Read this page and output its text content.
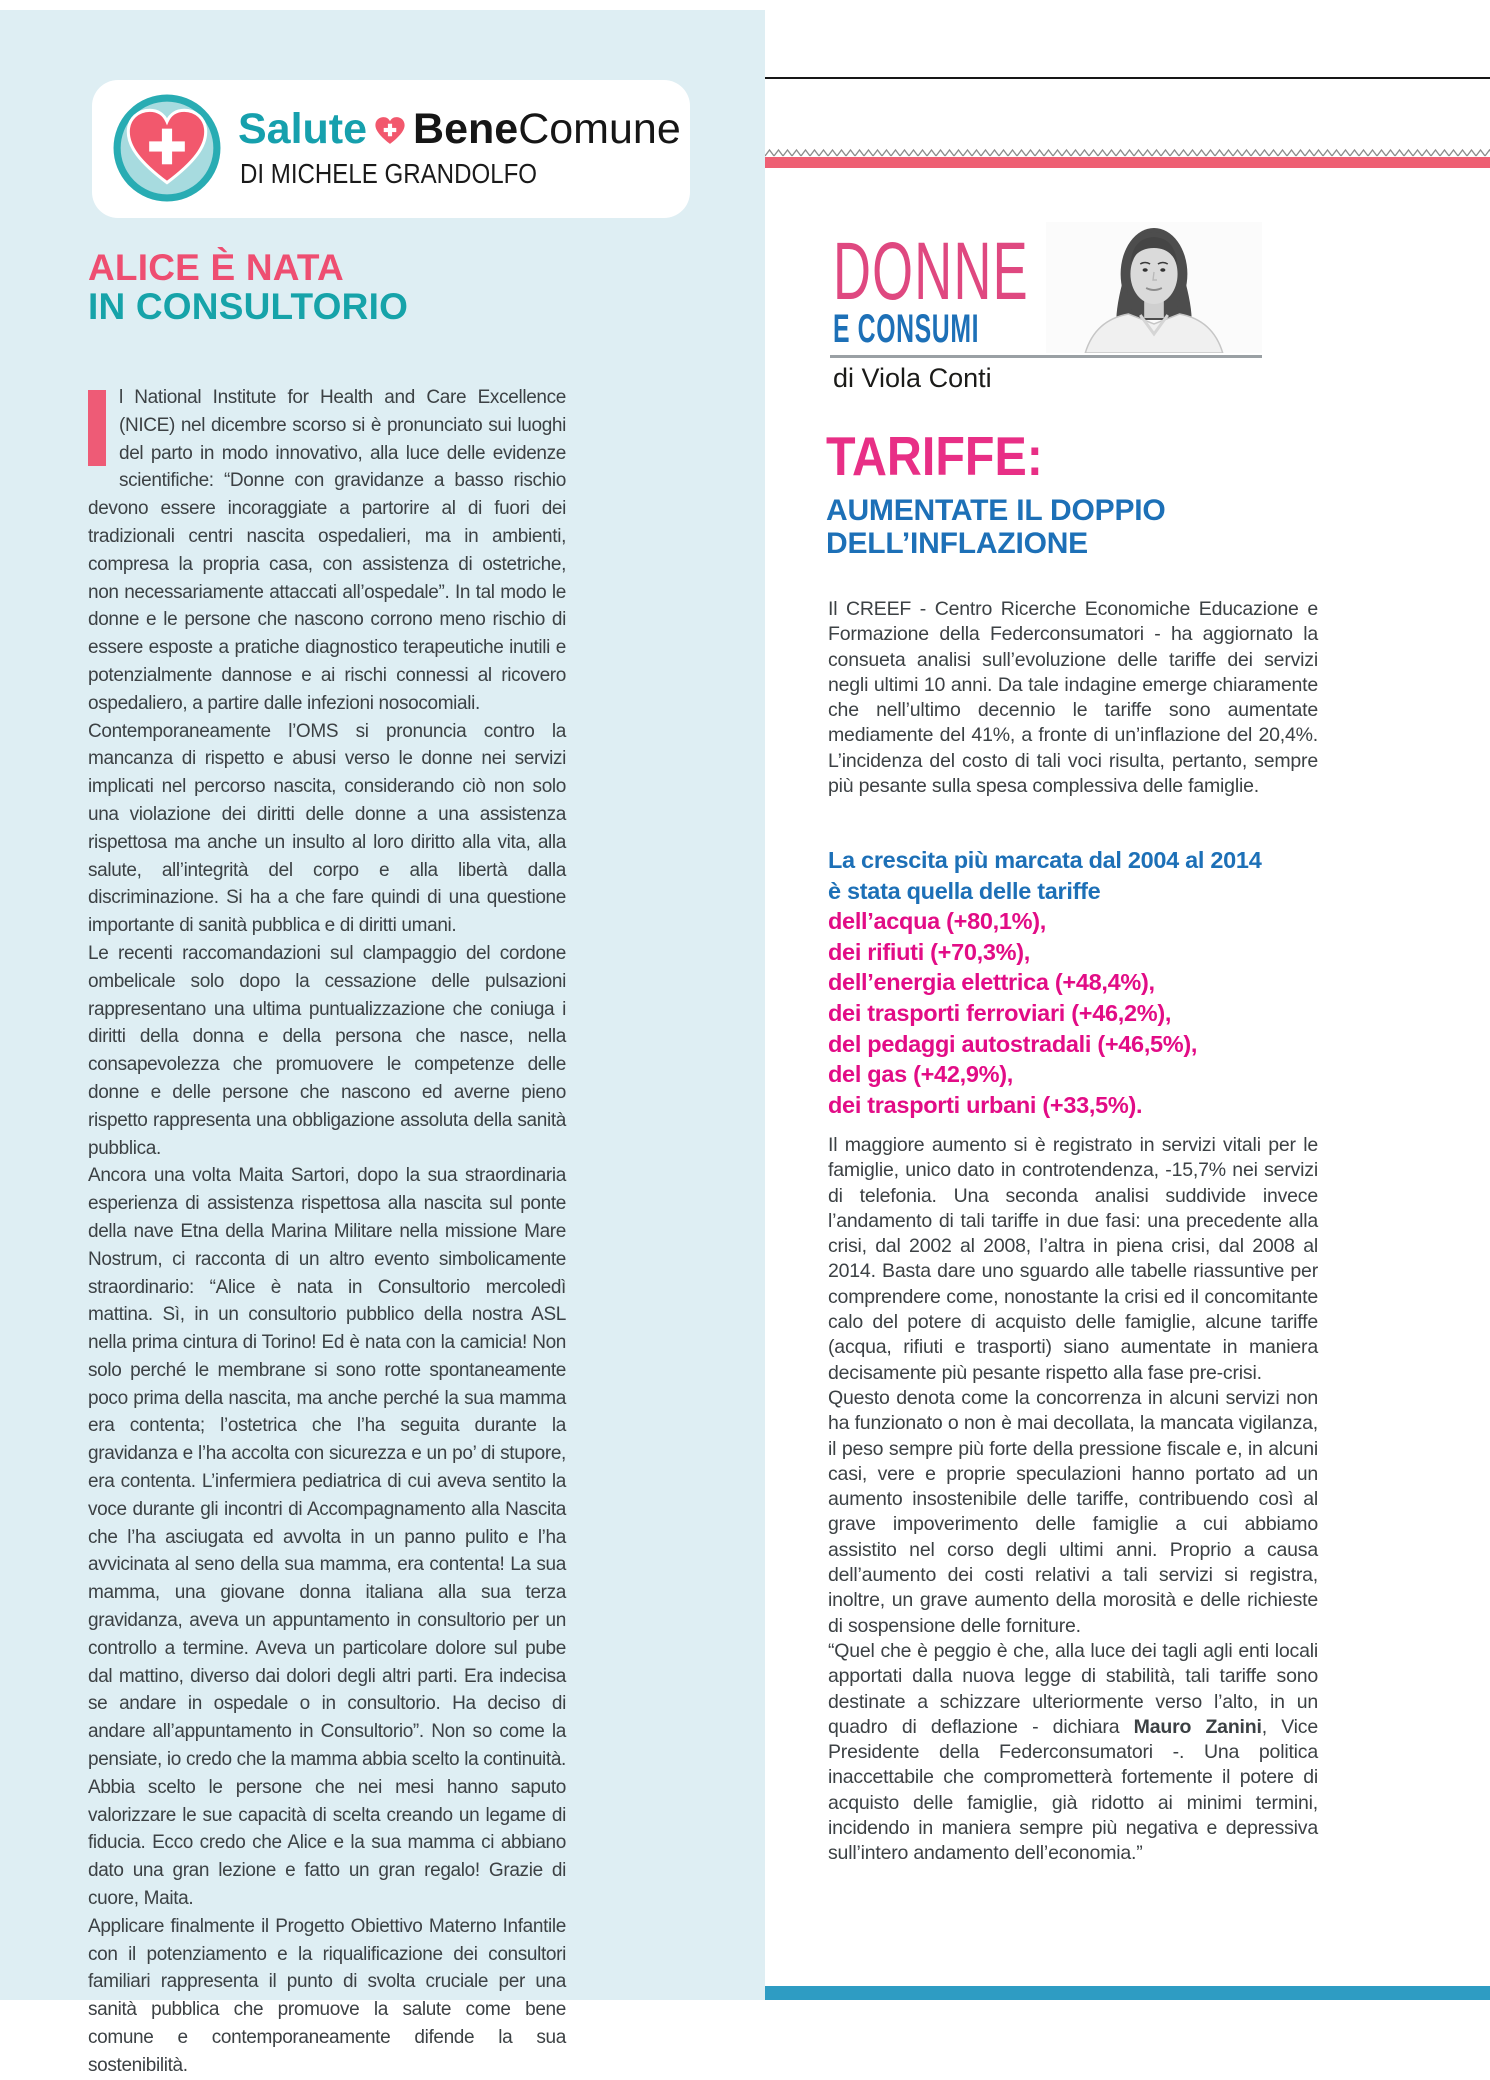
Salute BeneComune
DI MICHELE GRANDOLFO
ALICE È NATA
IN CONSULTORIO

l National Institute for Health and Care Excellence (NICE) nel dicembre scorso si è pronunciato sui luoghi del parto in modo innovativo, alla luce delle evidenze scientifiche: “Donne con gravidanze a basso rischio devono essere incoraggiate a partorire al di fuori dei tradizionali centri nascita ospedalieri, ma in ambienti, compresa la propria casa, con assistenza di ostetriche, non necessariamente attaccati all’ospedale”. In tal modo le donne e le persone che nascono corrono meno rischio di essere esposte a pratiche diagnostico terapeutiche inutili e potenzialmente dannose e ai rischi connessi al ricovero ospedaliero, a partire dalle infezioni nosocomiali.

Contemporaneamente l’OMS si pronuncia contro la mancanza di rispetto e abusi verso le donne nei servizi implicati nel percorso nascita, considerando ciò non solo una violazione dei diritti delle donne a una assistenza rispettosa ma anche un insulto al loro diritto alla vita, alla salute, all’integrità del corpo e alla libertà dalla discriminazione. Si ha a che fare quindi di una questione importante di sanità pubblica e di diritti umani.

Le recenti raccomandazioni sul clampaggio del cordone ombelicale solo dopo la cessazione delle pulsazioni rappresentano una ultima puntualizzazione che coniuga i diritti della donna e della persona che nasce, nella consapevolezza che promuovere le competenze delle donne e delle persone che nascono ed averne pieno rispetto rappresenta una obbligazione assoluta della sanità pubblica.

Ancora una volta Maita Sartori, dopo la sua straordinaria esperienza di assistenza rispettosa alla nascita sul ponte della nave Etna della Marina Militare nella missione Mare Nostrum, ci racconta di un altro evento simbolicamente straordinario: “Alice è nata in Consultorio mercoledì mattina. Sì, in un consultorio pubblico della nostra ASL nella prima cintura di Torino! Ed è nata con la camicia! Non solo perché le membrane si sono rotte spontaneamente poco prima della nascita, ma anche perché la sua mamma era contenta; l’ostetrica che l’ha seguita durante la gravidanza e l’ha accolta con sicurezza e un po’ di stupore, era contenta. L’infermiera pediatrica di cui aveva sentito la voce durante gli incontri di Accompagnamento alla Nascita che l’ha asciugata ed avvolta in un panno pulito e l’ha avvicinata al seno della sua mamma, era contenta! La sua mamma, una giovane donna italiana alla sua terza gravidanza, aveva un appuntamento in consultorio per un controllo a termine. Aveva un particolare dolore sul pube dal mattino, diverso dai dolori degli altri parti. Era indecisa se andare in ospedale o in consultorio. Ha deciso di andare all’appuntamento in Consultorio”. Non so come la pensiate, io credo che la mamma abbia scelto la continuità. Abbia scelto le persone che nei mesi hanno saputo valorizzare le sue capacità di scelta creando un legame di fiducia. Ecco credo che Alice e la sua mamma ci abbiano dato una gran lezione e fatto un gran regalo! Grazie di cuore, Maita.

Applicare finalmente il Progetto Obiettivo Materno Infantile con il potenziamento e la riqualificazione dei consultori familiari rappresenta il punto di svolta cruciale per una sanità pubblica che promuove la salute come bene comune e contemporaneamente difende la sua sostenibilità.

DONNE
E CONSUMI
di Viola Conti
TARIFFE:
AUMENTATE IL DOPPIO
DELL’INFLAZIONE

Il CREEF - Centro Ricerche Economiche Educazione e Formazione della Federconsumatori - ha aggiornato la consueta analisi sull’evoluzione delle tariffe dei servizi negli ultimi 10 anni. Da tale indagine emerge chiaramente che nell’ultimo decennio le tariffe sono aumentate mediamente del 41%, a fronte di un’inflazione del 20,4%. L’incidenza del costo di tali voci risulta, pertanto, sempre più pesante sulla spesa complessiva delle famiglie.

La crescita più marcata dal 2004 al 2014
è stata quella delle tariffe
dell’acqua (+80,1%),
dei rifiuti (+70,3%),
dell’energia elettrica (+48,4%),
dei trasporti ferroviari (+46,2%),
del pedaggi autostradali (+46,5%),
del gas (+42,9%),
dei trasporti urbani (+33,5%).

Il maggiore aumento si è registrato in servizi vitali per le famiglie, unico dato in controtendenza, -15,7% nei servizi di telefonia. Una seconda analisi suddivide invece l’andamento di tali tariffe in due fasi: una precedente alla crisi, dal 2002 al 2008, l’altra in piena crisi, dal 2008 al 2014. Basta dare uno sguardo alle tabelle riassuntive per comprendere come, nonostante la crisi ed il concomitante calo del potere di acquisto delle famiglie, alcune tariffe (acqua, rifiuti e trasporti) siano aumentate in maniera decisamente più pesante rispetto alla fase pre-crisi.

Questo denota come la concorrenza in alcuni servizi non ha funzionato o non è mai decollata, la mancata vigilanza, il peso sempre più forte della pressione fiscale e, in alcuni casi, vere e proprie speculazioni hanno portato ad un aumento insostenibile delle tariffe, contribuendo così al grave impoverimento delle famiglie a cui abbiamo assistito nel corso degli ultimi anni. Proprio a causa dell’aumento dei costi relativi a tali servizi si registra, inoltre, un grave aumento della morosità e delle richieste di sospensione delle forniture.

“Quel che è peggio è che, alla luce dei tagli agli enti locali apportati dalla nuova legge di stabilità, tali tariffe sono destinate a schizzare ulteriormente verso l’alto, in un quadro di deflazione - dichiara Mauro Zanini, Vice Presidente della Federconsumatori -. Una politica inaccettabile che comprometterà fortemente il potere di acquisto delle famiglie, già ridotto ai minimi termini, incidendo in maniera sempre più negativa e depressiva sull’intero andamento dell’economia.”
